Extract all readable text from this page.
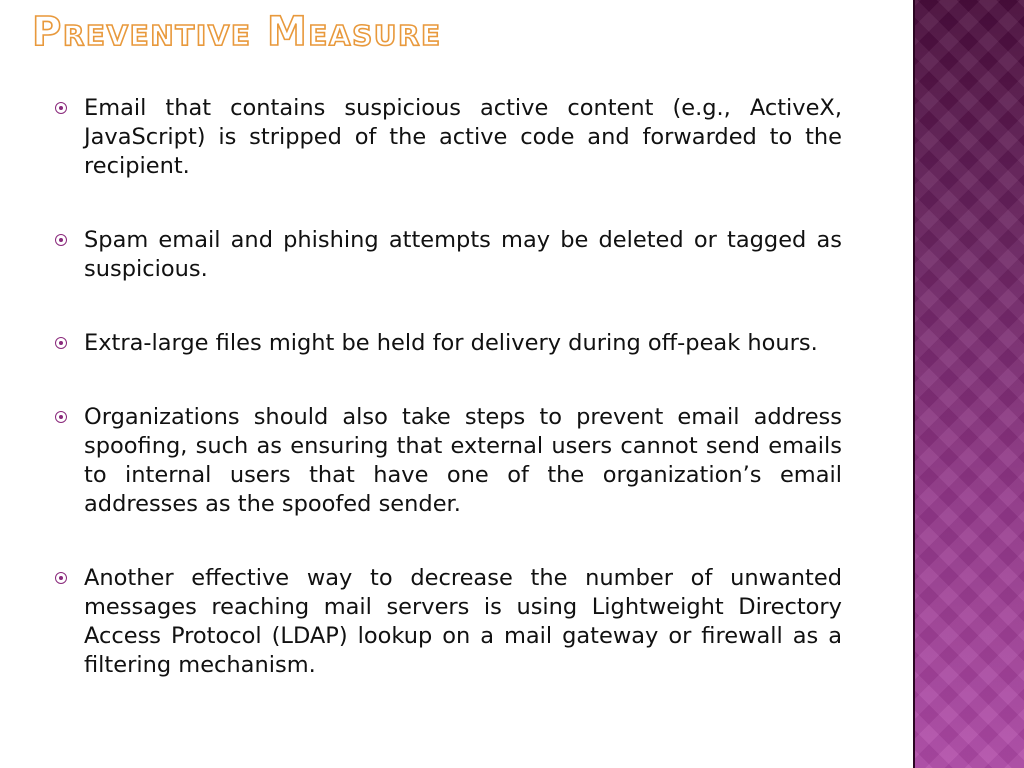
Preventive Measure
Email that contains suspicious active content (e.g., ActiveX, JavaScript) is stripped of the active code and forwarded to the recipient.
Spam email and phishing attempts may be deleted or tagged as suspicious.
Extra-large files might be held for delivery during off-peak hours.
Organizations should also take steps to prevent email address spoofing, such as ensuring that external users cannot send emails to internal users that have one of the organization’s email addresses as the spoofed sender.
Another effective way to decrease the number of unwanted messages reaching mail servers is using Lightweight Directory Access Protocol (LDAP) lookup on a mail gateway or firewall as a filtering mechanism.
